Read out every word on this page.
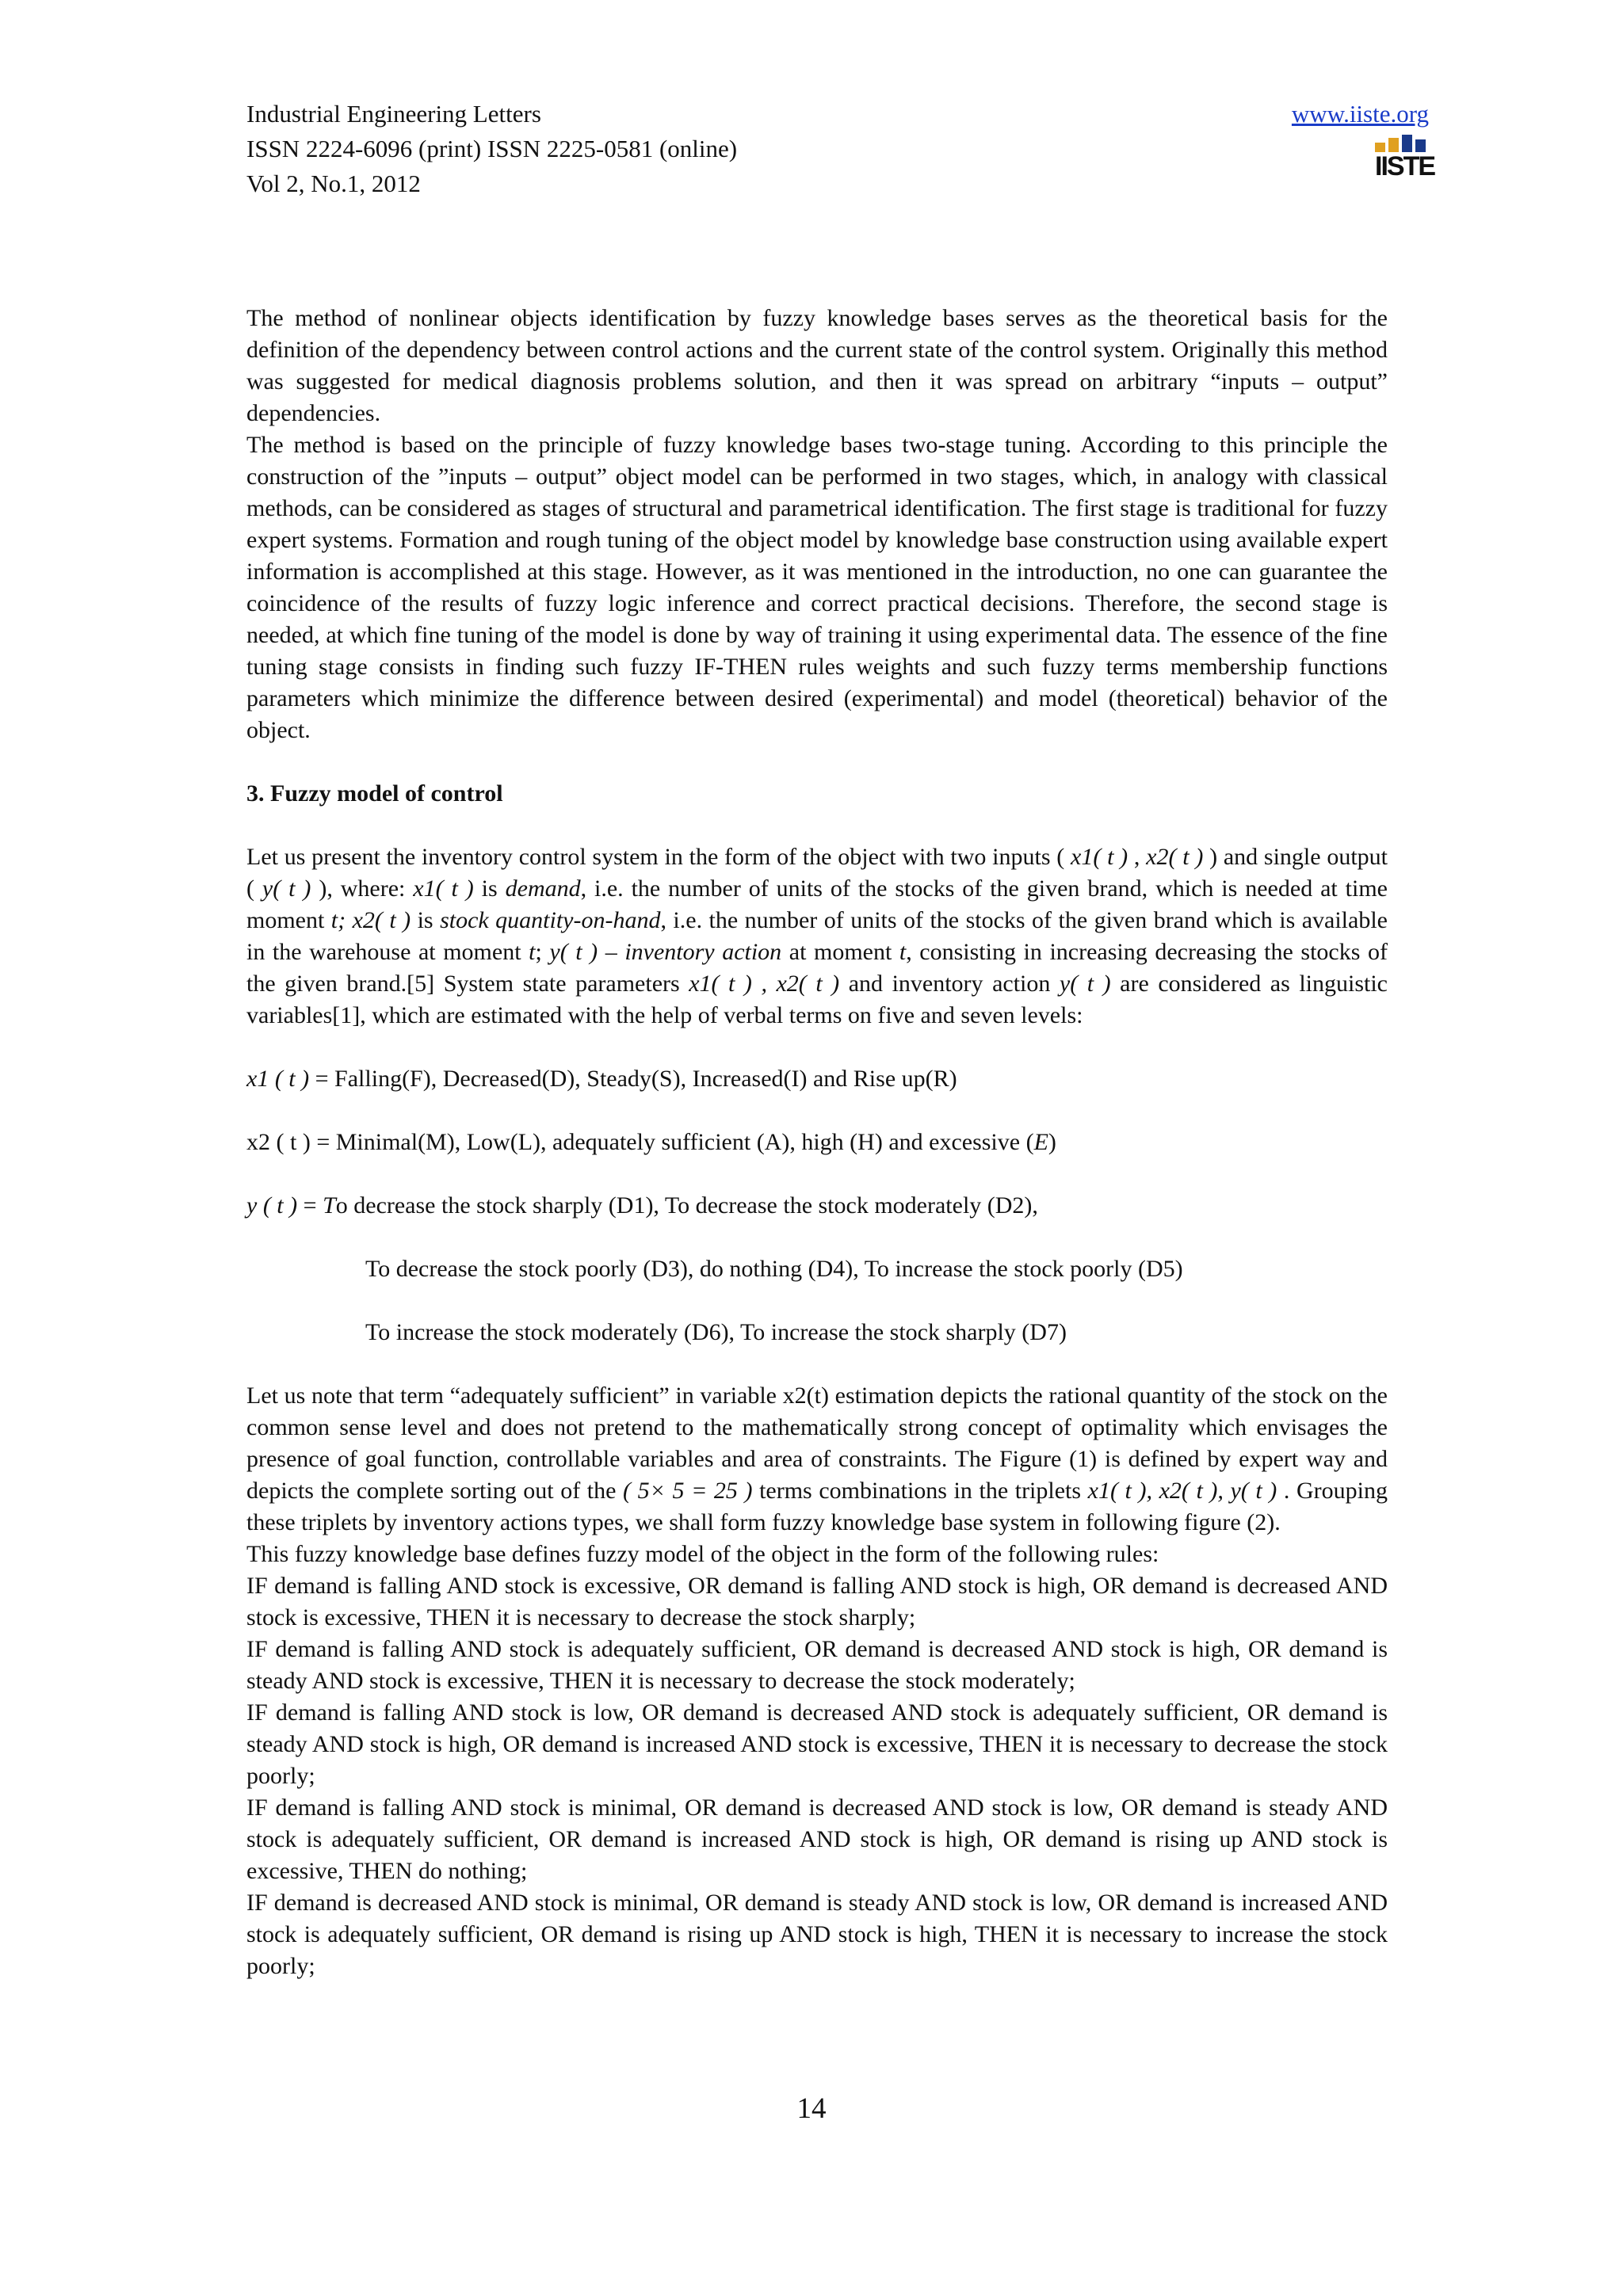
Industrial Engineering Letters
ISSN 2224-6096 (print) ISSN 2225-0581 (online)
Vol 2, No.1, 2012
www.iiste.org
IISTE

The method of nonlinear objects identification by fuzzy knowledge bases serves as the theoretical basis for the definition of the dependency between control actions and the current state of the control system. Originally this method was suggested for medical diagnosis problems solution, and then it was spread on arbitrary “inputs – output” dependencies.

The method is based on the principle of fuzzy knowledge bases two-stage tuning. According to this principle the construction of the ”inputs – output” object model can be performed in two stages, which, in analogy with classical methods, can be considered as stages of structural and parametrical identification. The first stage is traditional for fuzzy expert systems. Formation and rough tuning of the object model by knowledge base construction using available expert information is accomplished at this stage. However, as it was mentioned in the introduction, no one can guarantee the coincidence of the results of fuzzy logic inference and correct practical decisions. Therefore, the second stage is needed, at which fine tuning of the model is done by way of training it using experimental data. The essence of the fine tuning stage consists in finding such fuzzy IF-THEN rules weights and such fuzzy terms membership functions parameters which minimize the difference between desired (experimental) and model (theoretical) behavior of the object.

3. Fuzzy model of control

Let us present the inventory control system in the form of the object with two inputs ( x1( t ) , x2( t ) ) and single output ( y( t ) ), where: x1( t ) is demand, i.e. the number of units of the stocks of the given brand, which is needed at time moment t; x2( t ) is stock quantity-on-hand, i.e. the number of units of the stocks of the given brand which is available in the warehouse at moment t; y( t ) – inventory action at moment t, consisting in increasing decreasing the stocks of the given brand.[5] System state parameters x1( t ) , x2( t ) and inventory action y( t ) are considered as linguistic variables[1], which are estimated with the help of verbal terms on five and seven levels:

x1 ( t ) = Falling(F), Decreased(D), Steady(S), Increased(I) and Rise up(R)

x2 ( t ) = Minimal(M), Low(L), adequately sufficient (A), high (H) and excessive (E)

y ( t ) = To decrease the stock sharply (D1), To decrease the stock moderately (D2),

To decrease the stock poorly (D3), do nothing (D4), To increase the stock poorly (D5)

To increase the stock moderately (D6), To increase the stock sharply (D7)

Let us note that term “adequately sufficient” in variable x2(t) estimation depicts the rational quantity of the stock on the common sense level and does not pretend to the mathematically strong concept of optimality which envisages the presence of goal function, controllable variables and area of constraints. The Figure (1) is defined by expert way and depicts the complete sorting out of the ( 5× 5 = 25 ) terms combinations in the triplets x1( t ), x2( t ), y( t ) . Grouping these triplets by inventory actions types, we shall form fuzzy knowledge base system in following figure (2).

This fuzzy knowledge base defines fuzzy model of the object in the form of the following rules:

IF demand is falling AND stock is excessive, OR demand is falling AND stock is high, OR demand is decreased AND stock is excessive, THEN it is necessary to decrease the stock sharply;

IF demand is falling AND stock is adequately sufficient, OR demand is decreased AND stock is high, OR demand is steady AND stock is excessive, THEN it is necessary to decrease the stock moderately;

IF demand is falling AND stock is low, OR demand is decreased AND stock is adequately sufficient, OR demand is steady AND stock is high, OR demand is increased AND stock is excessive, THEN it is necessary to decrease the stock poorly;

IF demand is falling AND stock is minimal, OR demand is decreased AND stock is low, OR demand is steady AND stock is adequately sufficient, OR demand is increased AND stock is high, OR demand is rising up AND stock is excessive, THEN do nothing;

IF demand is decreased AND stock is minimal, OR demand is steady AND stock is low, OR demand is increased AND stock is adequately sufficient, OR demand is rising up AND stock is high, THEN it is necessary to increase the stock poorly;

14
